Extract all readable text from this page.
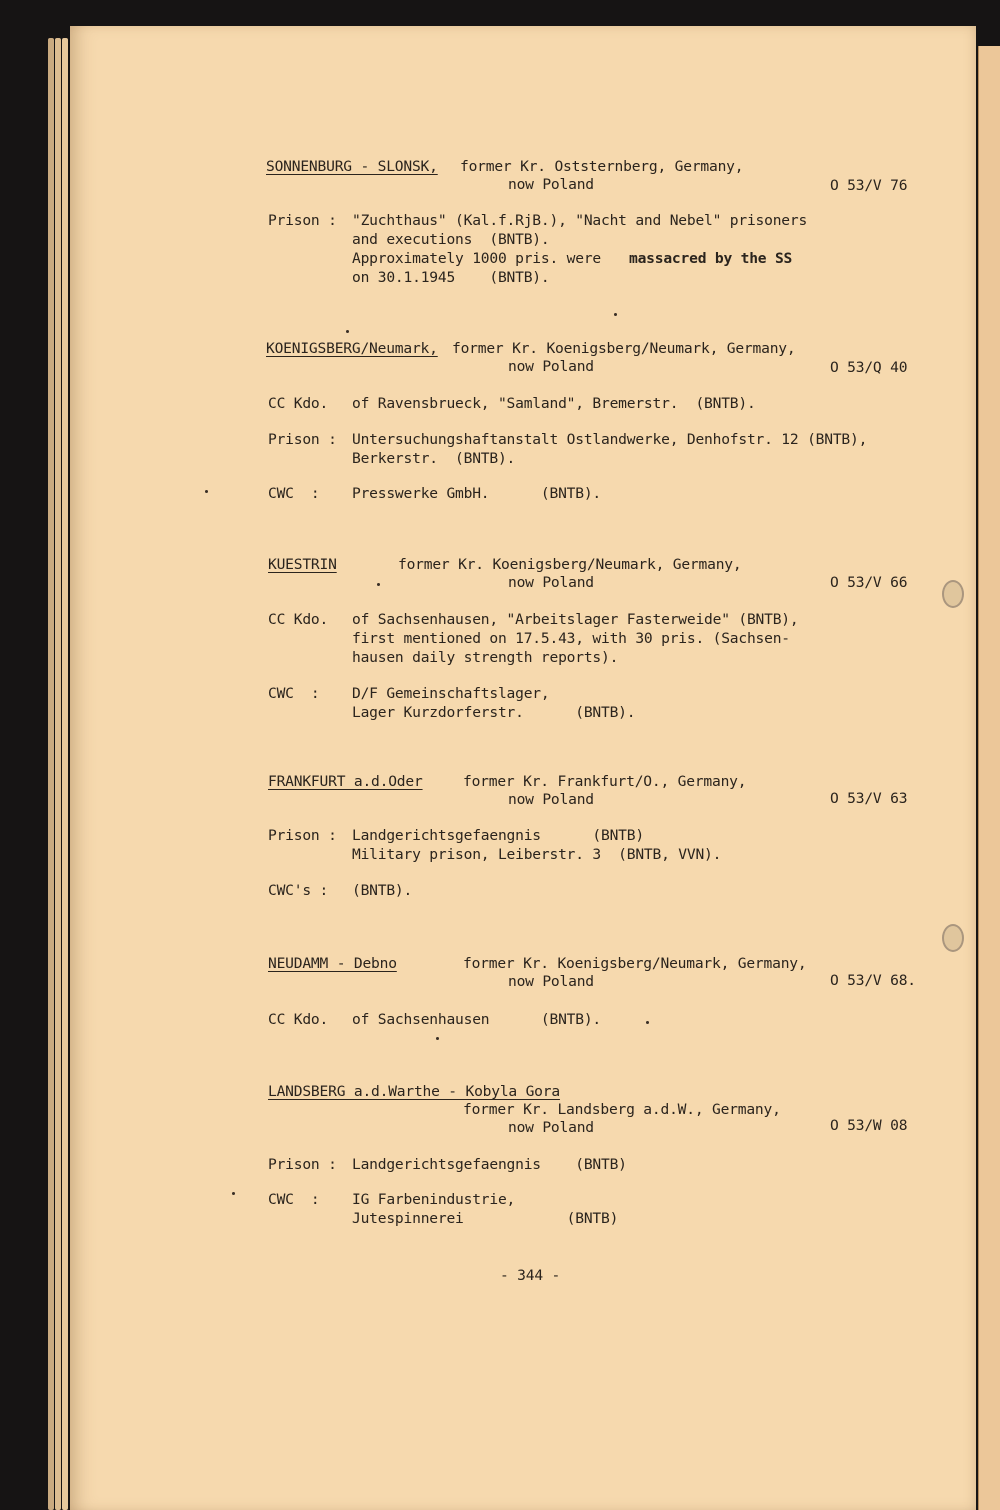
SONNENBURG - SLONSK, former Kr. Oststernberg, Germany,
now Poland	O 53/V 76
Prison : "Zuchthaus" (Kal.f.RjB.), "Nacht and Nebel" prisoners
and executions  (BNTB).
Approximately 1000 pris. were massacred by the SS
on 30.1.1945    (BNTB).
KOENIGSBERG/Neumark, former Kr. Koenigsberg/Neumark, Germany,
now Poland	O 53/Q 40
CC Kdo. of Ravensbrueck, "Samland", Bremerstr.  (BNTB).
Prison : Untersuchungshaftanstalt Ostlandwerke, Denhofstr. 12 (BNTB),
Berkerstr.  (BNTB).
CWC  : Presswerke GmbH.      (BNTB).
KUESTRIN	former Kr. Koenigsberg/Neumark, Germany,
now Poland	O 53/V 66
CC Kdo. of Sachsenhausen, "Arbeitslager Fasterweide" (BNTB),
first mentioned on 17.5.43, with 30 pris. (Sachsen-
hausen daily strength reports).
CWC  : D/F Gemeinschaftslager,
Lager Kurzdorferstr.      (BNTB).
FRANKFURT a.d.Oder	former Kr. Frankfurt/O., Germany,
now Poland	O 53/V 63
Prison : Landgerichtsgefaengnis      (BNTB)
Military prison, Leiberstr. 3  (BNTB, VVN).
CWC's : (BNTB).
NEUDAMM - Debno	former Kr. Koenigsberg/Neumark, Germany,
now Poland	O 53/V 68.
CC Kdo. of Sachsenhausen      (BNTB).
LANDSBERG a.d.Warthe - Kobyla Gora
former Kr. Landsberg a.d.W., Germany,
now Poland	O 53/W 08
Prison : Landgerichtsgefaengnis    (BNTB)
CWC  : IG Farbenindustrie,
Jutespinnerei            (BNTB)
- 344 -
